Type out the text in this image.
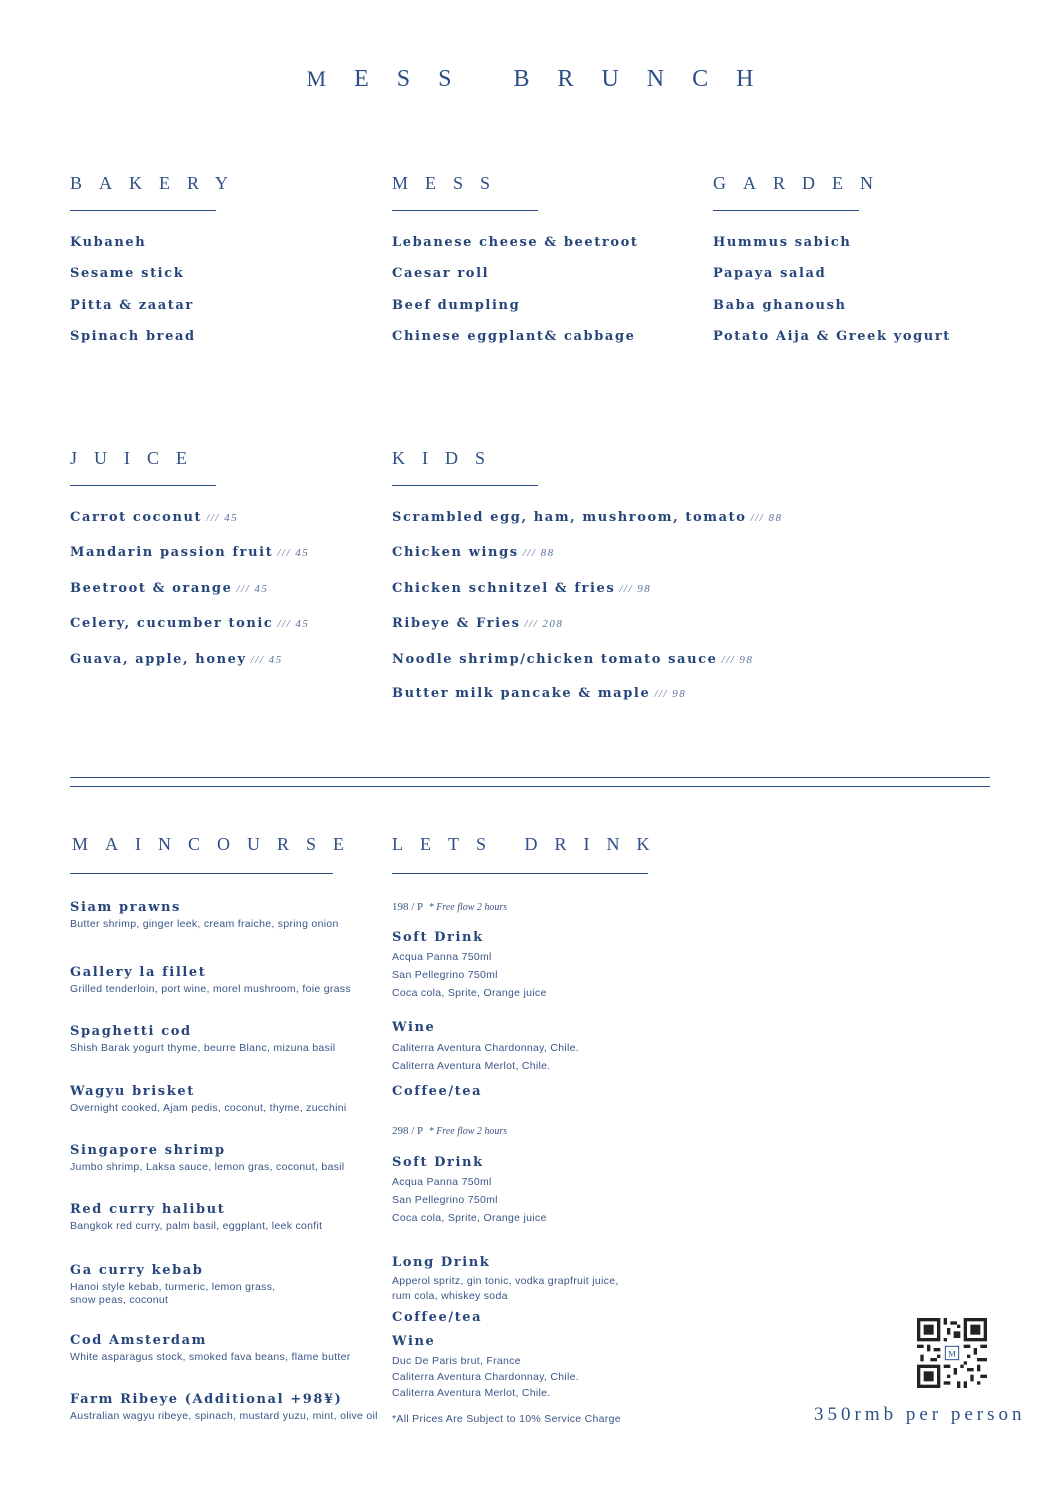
MESS BRUNCH
BAKERY
Kubaneh
Sesame stick
Pitta & zaatar
Spinach bread
MESS
Lebanese cheese & beetroot
Caesar roll
Beef dumpling
Chinese eggplant& cabbage
GARDEN
Hummus sabich
Papaya salad
Baba ghanoush
Potato Aija & Greek yogurt
JUICE
Carrot coconut /// 45
Mandarin passion fruit /// 45
Beetroot & orange /// 45
Celery, cucumber tonic /// 45
Guava, apple, honey /// 45
KIDS
Scrambled egg, ham, mushroom, tomato /// 88
Chicken wings /// 88
Chicken schnitzel & fries /// 98
Ribeye & Fries /// 208
Noodle shrimp/chicken tomato sauce /// 98
Butter milk pancake & maple /// 98
MAINCOURSE
Siam prawns
Butter shrimp, ginger leek, cream fraiche, spring onion
Gallery la fillet
Grilled tenderloin, port wine, morel mushroom, foie grass
Spaghetti cod
Shish Barak yogurt thyme, beurre Blanc, mizuna basil
Wagyu brisket
Overnight cooked, Ajam pedis, coconut, thyme, zucchini
Singapore shrimp
Jumbo shrimp, Laksa sauce, lemon gras, coconut, basil
Red curry halibut
Bangkok red curry, palm basil, eggplant, leek confit
Ga curry kebab
Hanoi style kebab, turmeric, lemon grass,
snow peas, coconut
Cod Amsterdam
White asparagus stock, smoked fava beans, flame butter
Farm Ribeye (Additional +98¥)
Australian wagyu ribeye, spinach, mustard yuzu, mint, olive oil
LETS DRINK
198 / P * Free flow 2 hours
Soft Drink
Acqua Panna 750ml
San Pellegrino 750ml
Coca cola, Sprite, Orange juice
Wine
Caliterra Aventura Chardonnay, Chile.
Caliterra Aventura Merlot, Chile.
Coffee/tea
298 / P * Free flow 2 hours
Soft Drink
Acqua Panna 750ml
San Pellegrino 750ml
Coca cola, Sprite, Orange juice
Long Drink
Apperol spritz, gin tonic, vodka grapfruit juice,
rum cola, whiskey soda
Coffee/tea
Wine
Duc De Paris brut, France
Caliterra Aventura Chardonnay, Chile.
Caliterra Aventura Merlot, Chile.
*All Prices Are Subject to 10% Service Charge
M
350rmb per person
